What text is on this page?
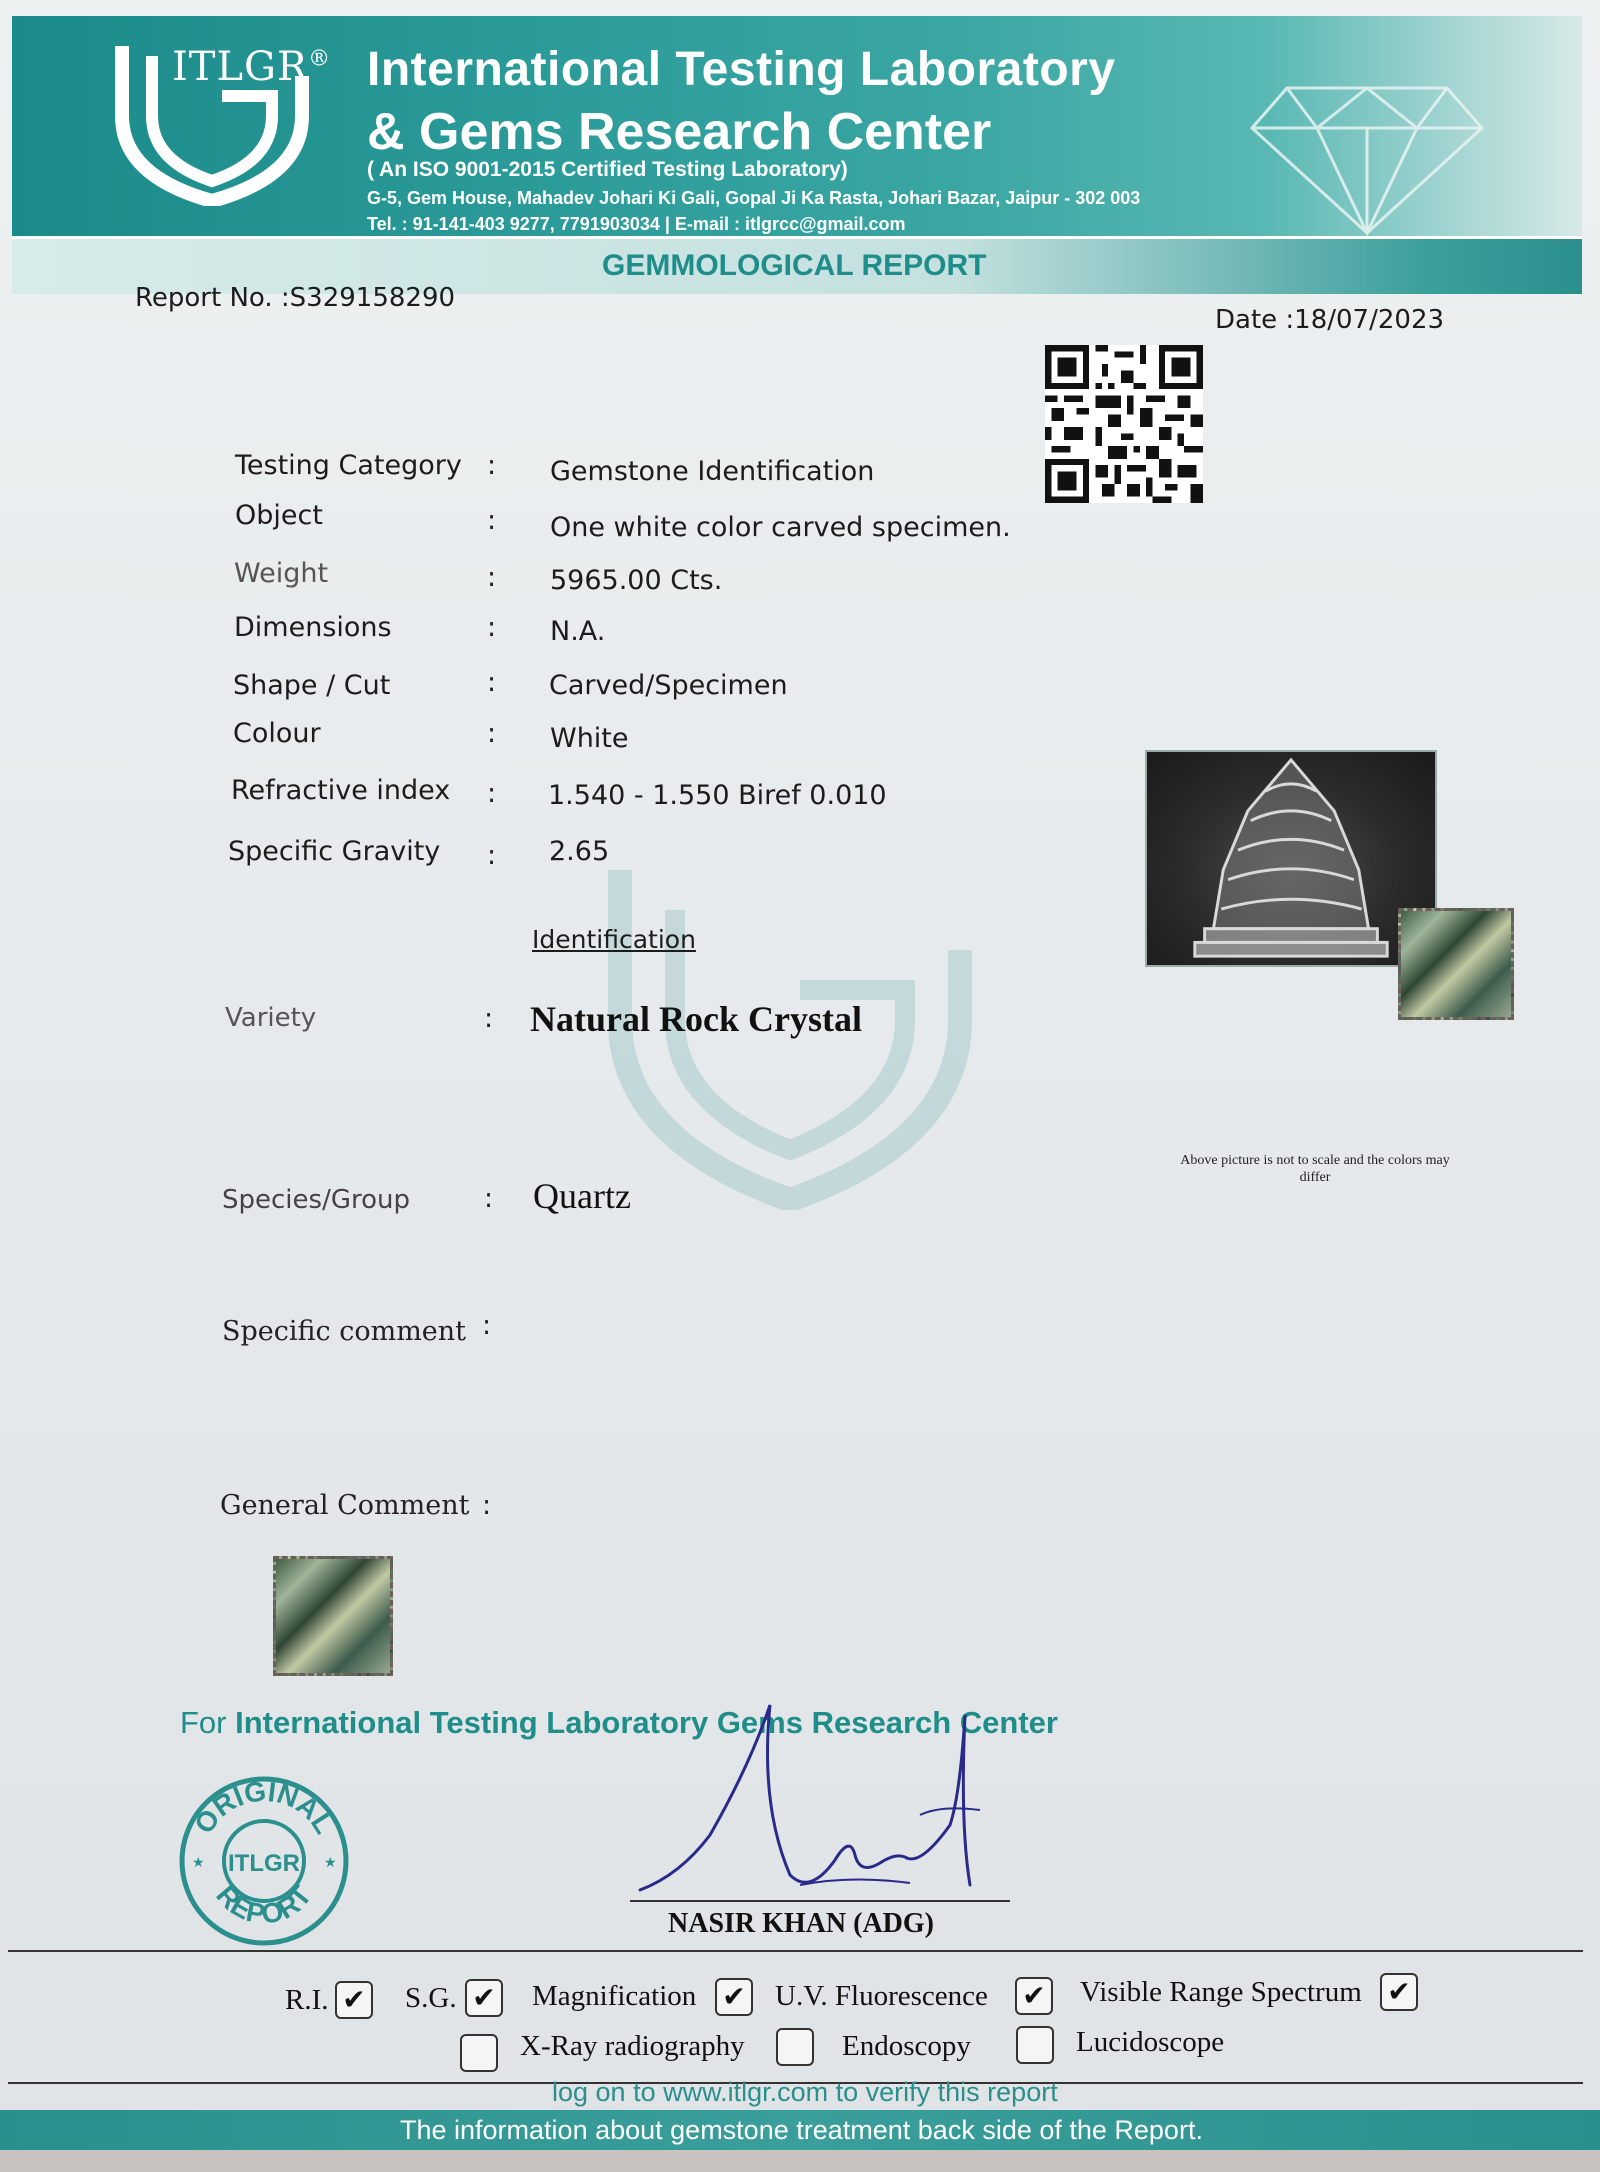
ITLGR® International Testing Laboratory
& Gems Research Center
( An ISO 9001-2015 Certified Testing Laboratory)
G-5, Gem House, Mahadev Johari Ki Gali, Gopal Ji Ka Rasta, Johari Bazar, Jaipur - 302 003
Tel. : 91-141-403 9277, 7791903034 | E-mail : itlgrcc@gmail.com
GEMMOLOGICAL REPORT
Report No. :S329158290
Date :18/07/2023
Testing Category : Gemstone Identification
Object	: One white color carved specimen.
Weight	: 5965.00 Cts.
Dimensions	: N.A.
Shape / Cut	: Carved/Specimen
Colour	: White
Refractive index : 1.540 - 1.550 Biref 0.010
Specific Gravity : 2.65
Identification
Variety	: Natural Rock Crystal
Species/Group	: Quartz
Specific comment :
General Comment :
Above picture is not to scale and the colors may differ
For International Testing Laboratory Gems Research Center
ORIGINAL
ITLGR
REPORT
★	★
NASIR KHAN (ADG)
R.I. ✔ S.G. ✔ Magnification ✔ U.V. Fluorescence ✔ Visible Range Spectrum ✔
X-Ray radiography	Endoscopy	Lucidoscope
log on to www.itlgr.com to verify this report
The information about gemstone treatment back side of the Report.
